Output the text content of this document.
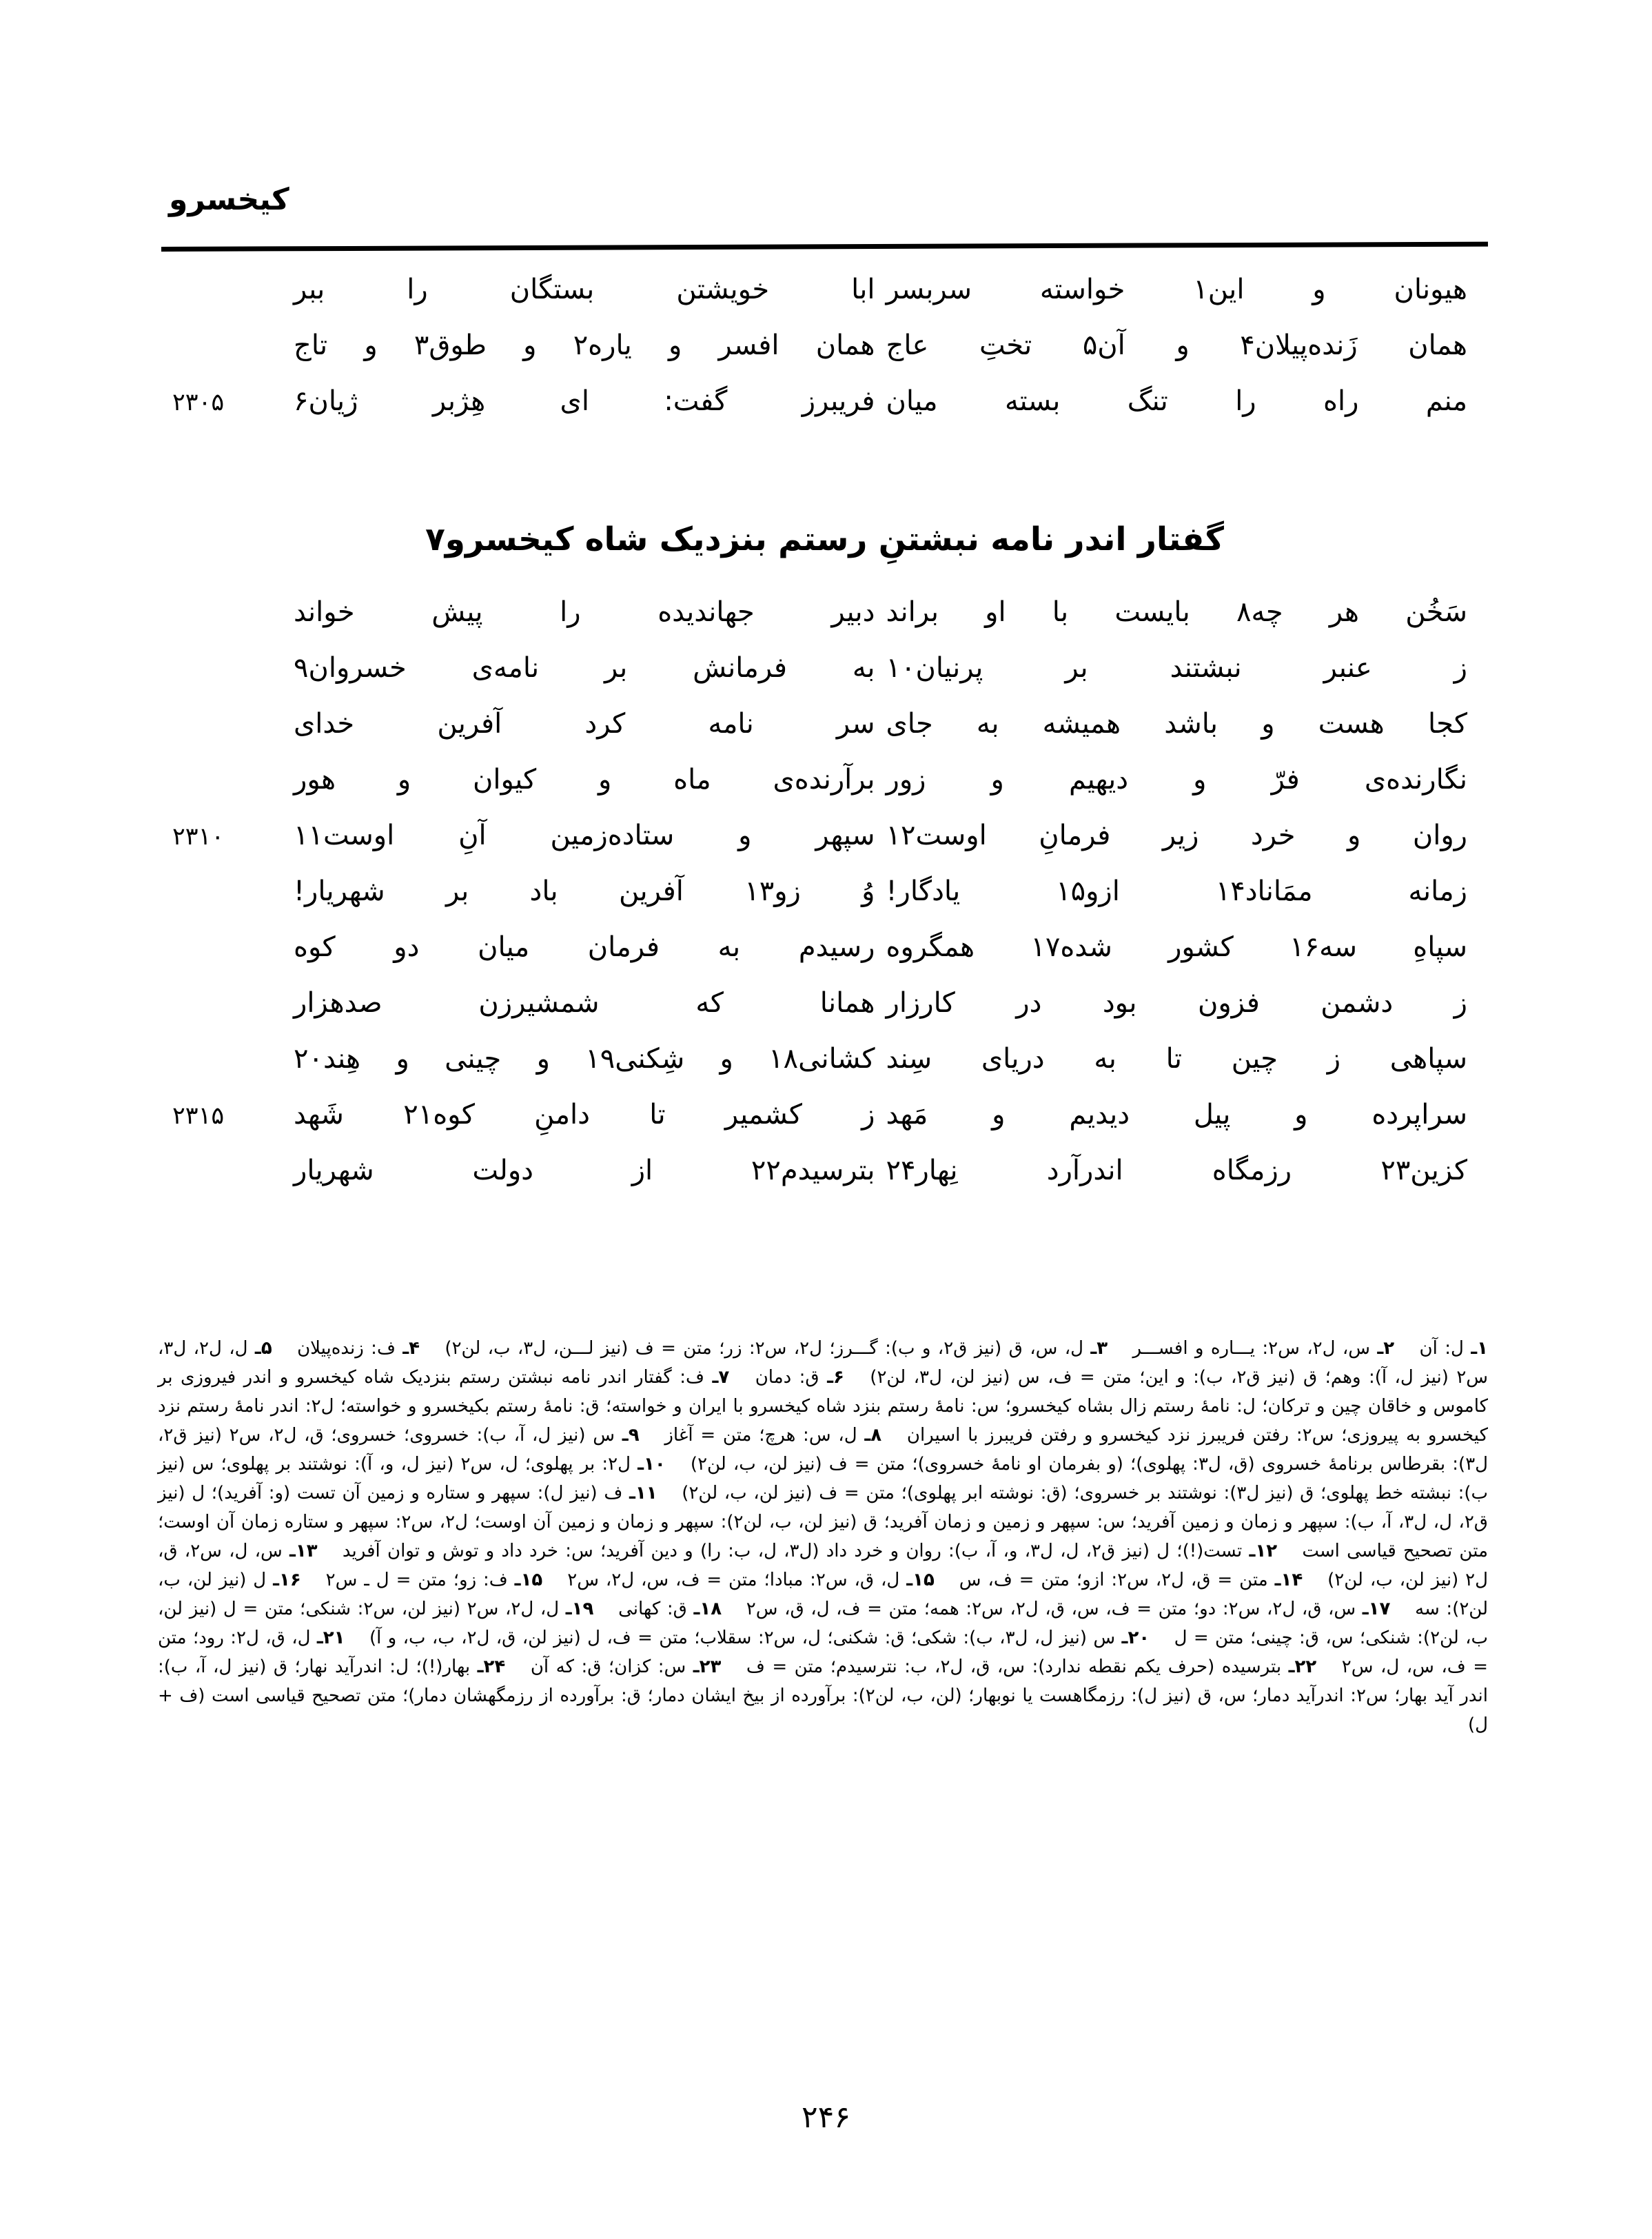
کیخسرو
هیونان و این١ خواسته سربسر
ابا خویشتن بستگان را ببر
همان زَنده‌پیلان۴ و آن۵ تختِ عاج
همان افسر و یاره٢ و طوق٣ و تاج
منم راه را تنگ بسته میان
فریبرز گفت: ای هِژبر ژیان۶
۲۳۰۵
گفتار اندر نامه نبشتنِ رستم بنزدیک شاه کیخسرو٧
سَخُن هر چه٨ بایست با او براند
دبیر جهاندیده را پیش خواند
ز عنبر نبشتند بر پرنیان١٠
به فرمانش بر نامه‌ی خسروان٩
کجا هست و باشد همیشه به جای
سر نامه کرد آفرین خدای
نگارنده‌ی فرّ و دیهیم و زور
برآرنده‌ی ماه و کیوان و هور
روان و خرد زیر فرمانِ اوست١٢
سپهر و ستاده‌زمین آنِ اوست١١
۲۳۱۰
زمانه ممَاناد١۴ ازو١۵ یادگار!
وُ زو١٣ آفرین باد بر شهریار!
سپاهِ سه١۶ کشور شده١٧ همگروه
رسیدم به فرمان میان دو کوه
ز دشمن فزون بود در کارزار
همانا که شمشیرزن صدهزار
سپاهی ز چین تا به دریای سِند
کشانی١٨ و شِکنی١٩ و چینی و هِند٢٠
سراپرده و پیل دیدیم و مَهد
ز کشمیر تا دامنِ کوه٢١ شَهد
۲۳۱۵
کزین٢٣ رزمگاه اندرآرد نِهار٢۴
بترسیدم٢٢ از دولت شهریار
١ـ ل: آن ٢ـ س، ل٢، س٢: یـــاره و افســـر ٣ـ ل، س، ق (نیز ق٢، و ب): گـــرز؛ ل٢، س٢: زر؛ متن = ف (نیز لـــن، ل٣، ب، لن٢) ۴ـ ف: زنده‌پیلان ۵ـ ل، ل٢، ل٣، س٢ (نیز ل، آ): وهم؛ ق (نیز ق٢، ب): و این؛ متن = ف، س (نیز لن، ل٣، لن٢) ۶ـ ق: دمان ٧ـ ف: گفتار اندر نامه نبشتن رستم بنزدیک شاه کیخسرو و اندر فیروزی بر کاموس و خاقان چین و ترکان؛ ل: نامهٔ رستم زال بشاه کیخسرو؛ س: نامهٔ رستم بنزد شاه کیخسرو با ایران و خواسته؛ ق: نامهٔ رستم بکیخسرو و خواسته؛ ل٢: اندر نامهٔ رستم نزد کیخسرو به پیروزی؛ س٢: رفتن فریبرز نزد کیخسرو و رفتن فریبرز با اسیران ٨ـ ل، س: هرچ؛ متن = آغاز ٩ـ س (نیز ل، آ، ب): خسروی؛ خسروی؛ ق، ل٢، س٢ (نیز ق٢، ل٣): بقرطاس برنامهٔ خسروی (ق، ل٣: پهلوی)؛ (و بفرمان او نامهٔ خسروی)؛ متن = ف (نیز لن، ب، لن٢) ١٠ـ ل٢: بر پهلوی؛ ل، س٢ (نیز ل، و، آ): نوشتند بر پهلوی؛ س (نیز ب): نبشته خط پهلوی؛ ق (نیز ل٣): نوشتند بر خسروی؛ (ق: نوشته ابر پهلوی)؛ متن = ف (نیز لن، ب، لن٢) ١١ـ ف (نیز ل): سپهر و ستاره و زمین آن تست (و: آفرید)؛ ل (نیز ق٢، ل، ل٣، آ، ب): سپهر و زمان و زمین آفرید؛ س: سپهر و زمین و زمان آفرید؛ ق (نیز لن، ب، لن٢): سپهر و زمان و زمین آن اوست؛ ل٢، س٢: سپهر و ستاره زمان آن اوست؛ متن تصحیح قیاسی است ١٢ـ تست(!)؛ ل (نیز ق٢، ل، ل٣، و، آ، ب): روان و خرد داد (ل٣، ل، ب: را) و دین آفرید؛ س: خرد داد و توش و توان آفرید ١٣ـ س، ل، س٢، ق، ل٢ (نیز لن، ب، لن٢) ١۴ـ متن = ق، ل٢، س٢: ازو؛ متن = ف، س ١۵ـ ل، ق، س٢: مبادا؛ متن = ف، س، ل٢، س٢ ١۵ـ ف: زو؛ متن = ل ـ س٢ ١۶ـ ل (نیز لن، ب، لن٢): سه ١٧ـ س، ق، ل٢، س٢: دو؛ متن = ف، س، ق، ل٢، س٢: همه؛ متن = ف، ل، ق، س٢ ١٨ـ ق: کهانی ١٩ـ ل، ل٢، س٢ (نیز لن، س٢: شنکی؛ متن = ل (نیز لن، ب، لن٢): شنکی؛ س، ق: چینی؛ متن = ل ٢٠ـ س (نیز ل، ل٣، ب): شکی؛ ق: شکنی؛ ل، س٢: سقلاب؛ متن = ف، ل (نیز لن، ق، ل٢، ب، ب، و آ) ٢١ـ ل، ق، ل٢: رود؛ متن = ف، س، ل، س٢ ٢٢ـ بترسیده (حرف یکم نقطه ندارد): س، ق، ل٢، ب: نترسیدم؛ متن = ف ٢٣ـ س: کزان؛ ق: که آن ٢۴ـ بهار(!)؛ ل: اندرآید نهار؛ ق (نیز ل، آ، ب): اندر آید بهار؛ س٢: اندرآید دمار؛ س، ق (نیز ل): رزمگاهست یا نوبهار؛ (لن، ب، لن٢): برآورده از بیخ ایشان دمار؛ ق: برآورده از رزمگهشان دمار)؛ متن تصحیح قیاسی است (ف + ل)
۲۴۶
